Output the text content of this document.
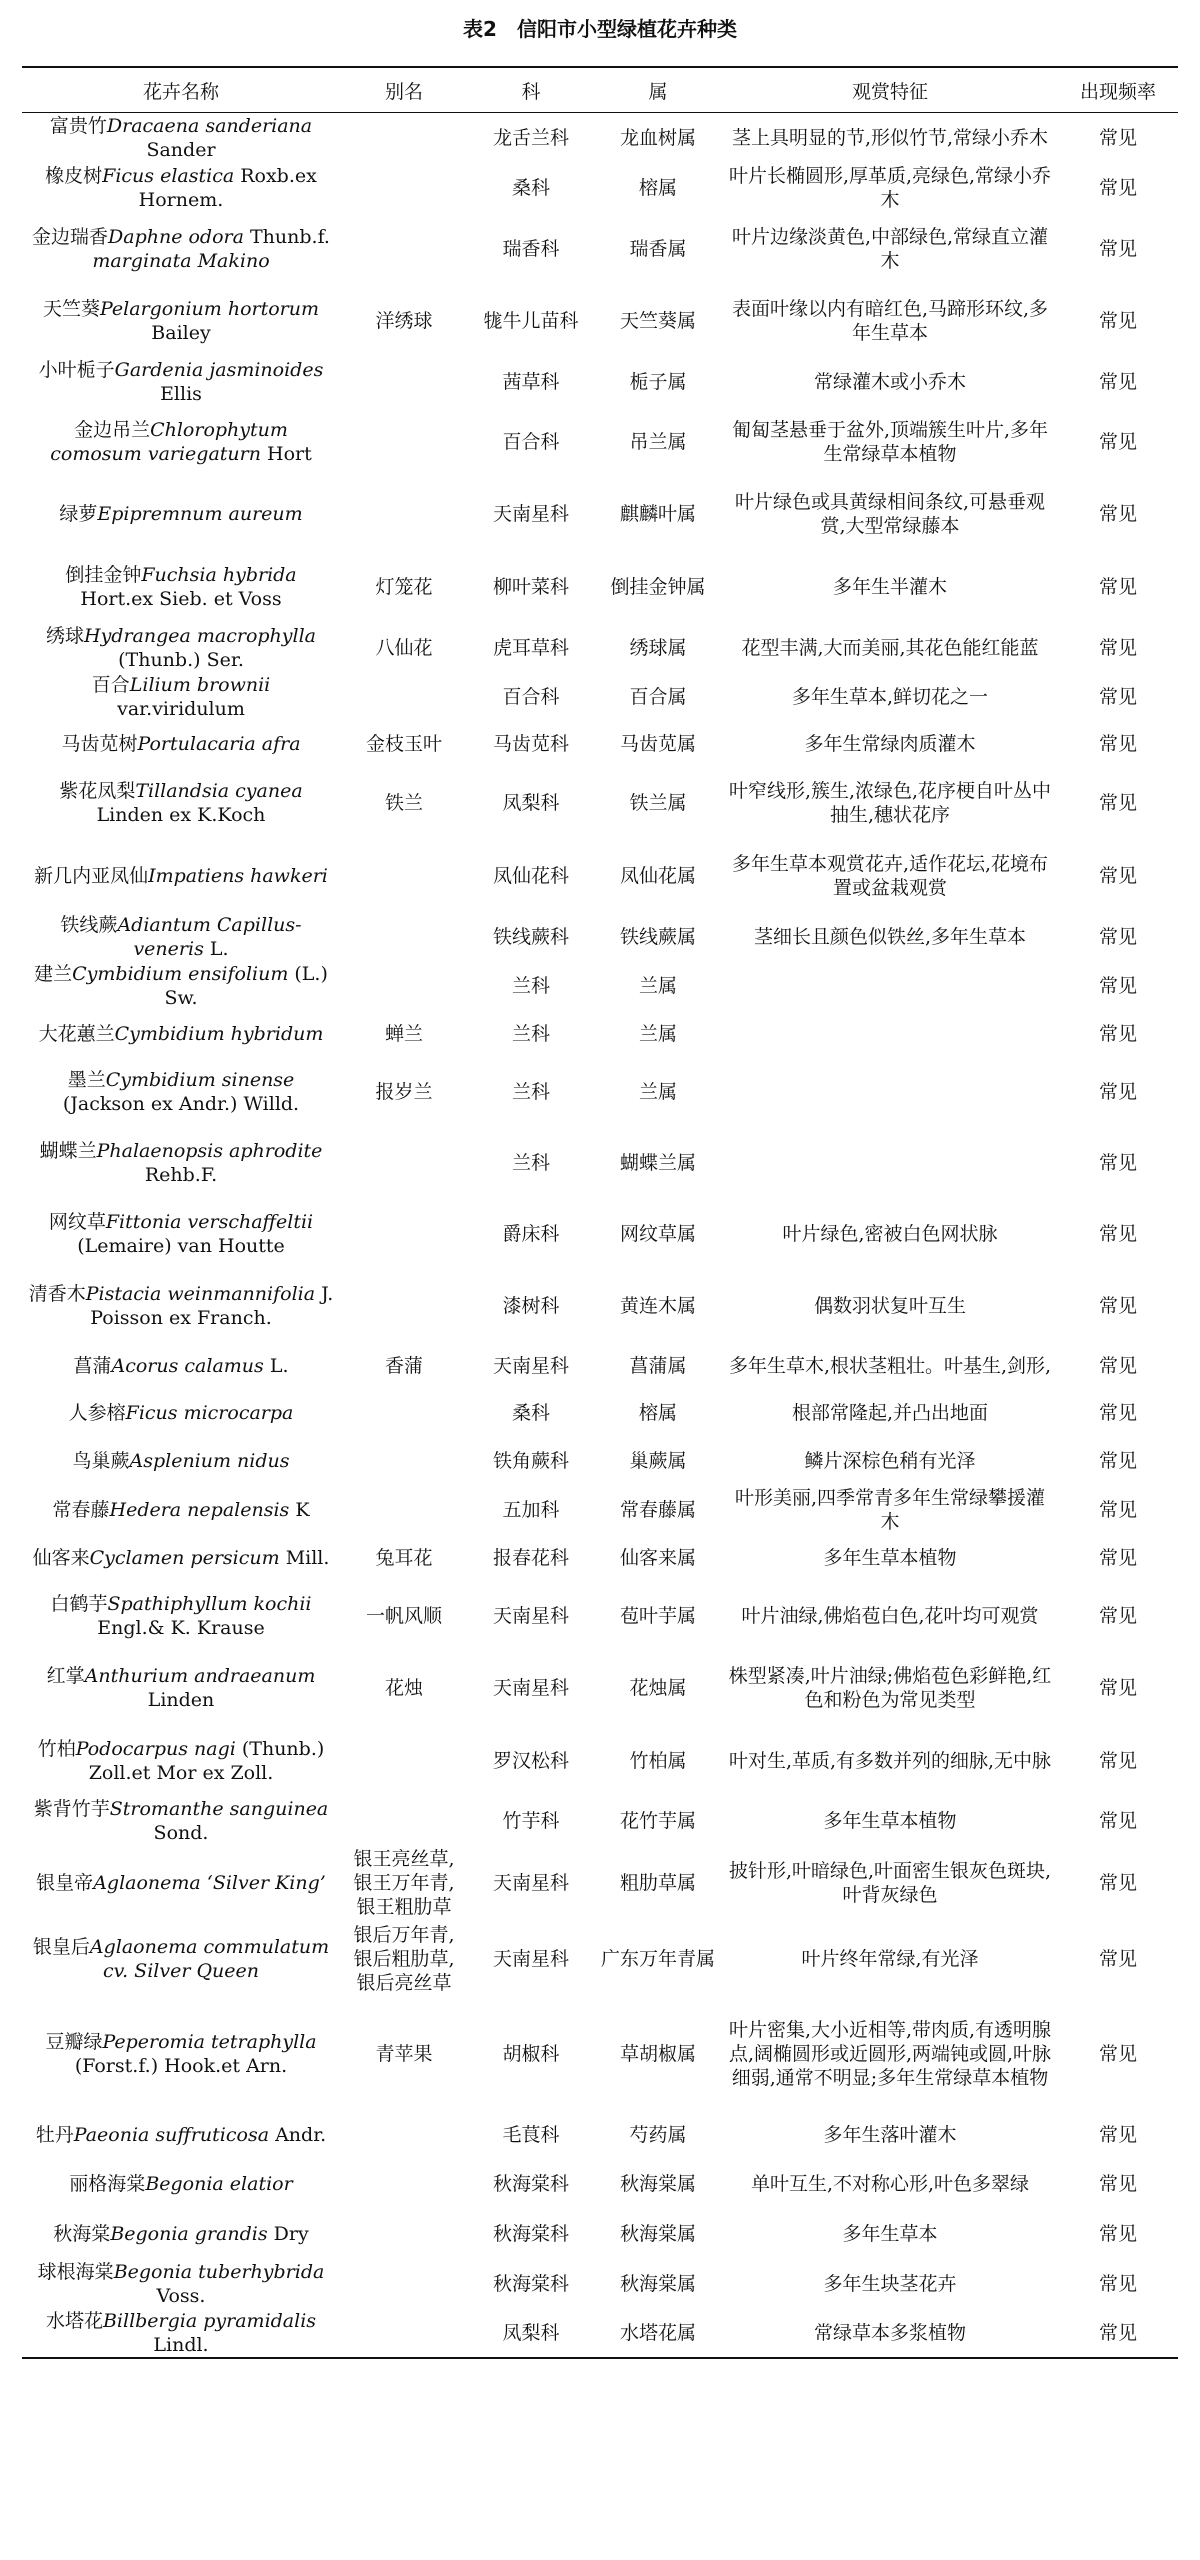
表2　信阳市小型绿植花卉种类
花卉名称	别名	科	属	观赏特征	出现频率
富贵竹Dracaena sanderiana Sander		龙舌兰科	龙血树属	茎上具明显的节,形似竹节,常绿小乔木	常见
橡皮树Ficus elastica Roxb.ex Hornem.		桑科	榕属	叶片长椭圆形,厚革质,亮绿色,常绿小乔木	常见
金边瑞香Daphne odora Thunb.f. marginata Makino		瑞香科	瑞香属	叶片边缘淡黄色,中部绿色,常绿直立灌木	常见
天竺葵Pelargonium hortorum Bailey	洋绣球	牻牛儿苗科	天竺葵属	表面叶缘以内有暗红色,马蹄形环纹,多年生草本	常见
小叶栀子Gardenia jasminoides Ellis		茜草科	栀子属	常绿灌木或小乔木	常见
金边吊兰Chlorophytum comosum variegaturn Hort		百合科	吊兰属	匍匐茎悬垂于盆外,顶端簇生叶片,多年生常绿草本植物	常见
绿萝Epipremnum aureum		天南星科	麒麟叶属	叶片绿色或具黄绿相间条纹,可悬垂观赏,大型常绿藤本	常见
倒挂金钟Fuchsia hybrida Hort.ex Sieb. et Voss	灯笼花	柳叶菜科	倒挂金钟属	多年生半灌木	常见
绣球Hydrangea macrophylla (Thunb.) Ser.	八仙花	虎耳草科	绣球属	花型丰满,大而美丽,其花色能红能蓝	常见
百合Lilium brownii var.viridulum		百合科	百合属	多年生草本,鲜切花之一	常见
马齿苋树Portulacaria afra	金枝玉叶	马齿苋科	马齿苋属	多年生常绿肉质灌木	常见
紫花凤梨Tillandsia cyanea Linden ex K.Koch	铁兰	凤梨科	铁兰属	叶窄线形,簇生,浓绿色,花序梗自叶丛中抽生,穗状花序	常见
新几内亚凤仙Impatiens hawkeri		凤仙花科	凤仙花属	多年生草本观赏花卉,适作花坛,花境布置或盆栽观赏	常见
铁线蕨Adiantum Capillus-veneris L.		铁线蕨科	铁线蕨属	茎细长且颜色似铁丝,多年生草本	常见
建兰Cymbidium ensifolium (L.) Sw.		兰科	兰属		常见
大花蕙兰Cymbidium hybridum	蝉兰	兰科	兰属		常见
墨兰Cymbidium sinense (Jackson ex Andr.) Willd.	报岁兰	兰科	兰属		常见
蝴蝶兰Phalaenopsis aphrodite Rehb.F.		兰科	蝴蝶兰属		常见
网纹草Fittonia verschaffeltii (Lemaire) van Houtte		爵床科	网纹草属	叶片绿色,密被白色网状脉	常见
清香木Pistacia weinmannifolia J. Poisson ex Franch.		漆树科	黄连木属	偶数羽状复叶互生	常见
菖蒲Acorus calamus L.	香蒲	天南星科	菖蒲属	多年生草木,根状茎粗壮。叶基生,剑形,	常见
人参榕Ficus microcarpa		桑科	榕属	根部常隆起,并凸出地面	常见
鸟巢蕨Asplenium nidus		铁角蕨科	巢蕨属	鳞片深棕色稍有光泽	常见
常春藤Hedera nepalensis K		五加科	常春藤属	叶形美丽,四季常青多年生常绿攀援灌木	常见
仙客来Cyclamen persicum Mill.	兔耳花	报春花科	仙客来属	多年生草本植物	常见
白鹤芋Spathiphyllum kochii Engl.& K. Krause	一帆风顺	天南星科	苞叶芋属	叶片油绿,佛焰苞白色,花叶均可观赏	常见
红掌Anthurium andraeanum Linden	花烛	天南星科	花烛属	株型紧凑,叶片油绿;佛焰苞色彩鲜艳,红色和粉色为常见类型	常见
竹柏Podocarpus nagi (Thunb.) Zoll.et Mor ex Zoll.		罗汉松科	竹柏属	叶对生,革质,有多数并列的细脉,无中脉	常见
紫背竹芋Stromanthe sanguinea Sond.		竹芋科	花竹芋属	多年生草本植物	常见
银皇帝Aglaonema ‘Silver King’	银王亮丝草,银王万年青,银王粗肋草	天南星科	粗肋草属	披针形,叶暗绿色,叶面密生银灰色斑块,叶背灰绿色	常见
银皇后Aglaonema commulatum cv. Silver Queen	银后万年青,银后粗肋草,银后亮丝草	天南星科	广东万年青属	叶片终年常绿,有光泽	常见
豆瓣绿Peperomia tetraphylla (Forst.f.) Hook.et Arn.	青苹果	胡椒科	草胡椒属	叶片密集,大小近相等,带肉质,有透明腺点,阔椭圆形或近圆形,两端钝或圆,叶脉细弱,通常不明显;多年生常绿草本植物	常见
牡丹Paeonia suffruticosa Andr.		毛茛科	芍药属	多年生落叶灌木	常见
丽格海棠Begonia elatior		秋海棠科	秋海棠属	单叶互生,不对称心形,叶色多翠绿	常见
秋海棠Begonia grandis Dry		秋海棠科	秋海棠属	多年生草本	常见
球根海棠Begonia tuberhybrida Voss.		秋海棠科	秋海棠属	多年生块茎花卉	常见
水塔花Billbergia pyramidalis Lindl.		凤梨科	水塔花属	常绿草本多浆植物	常见
